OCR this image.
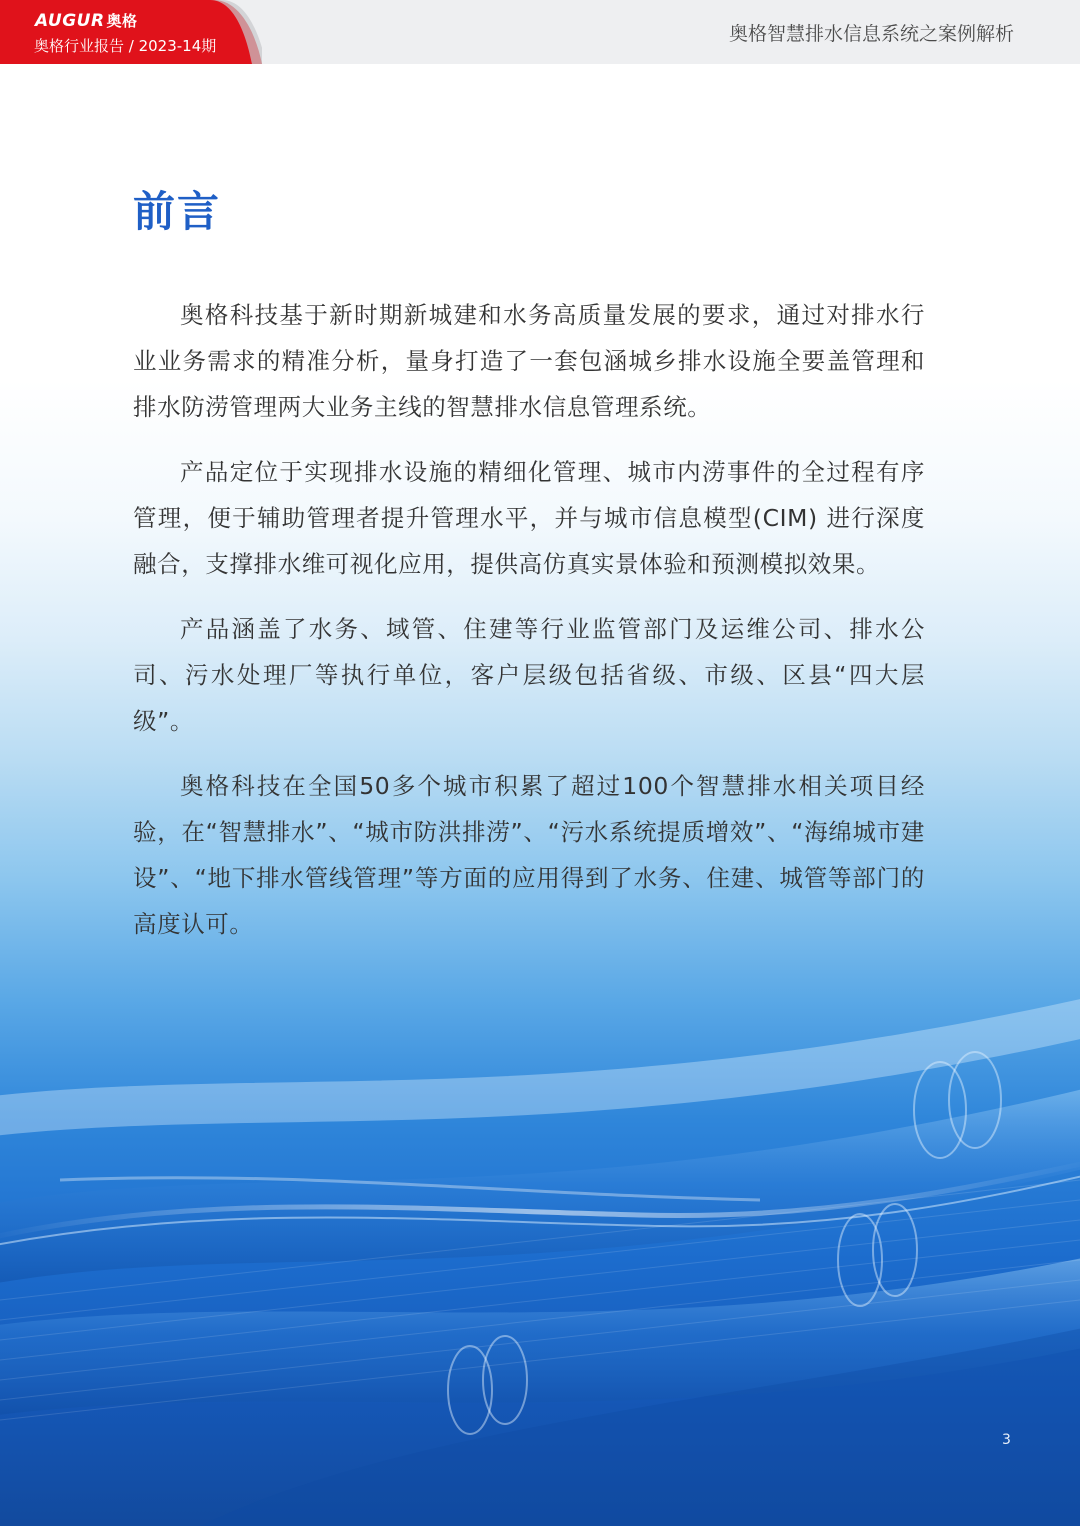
AUGUR 奥格
奥格行业报告 / 2023-14期
奥格智慧排水信息系统之案例解析
前言

奥格科技基于新时期新城建和水务高质量发展的要求，通过对排水行业业务需求的精准分析，量身打造了一套包涵城乡排水设施全要盖管理和排水防涝管理两大业务主线的智慧排水信息管理系统。

产品定位于实现排水设施的精细化管理、城市内涝事件的全过程有序管理，便于辅助管理者提升管理水平，并与城市信息模型(CIM) 进行深度融合，支撑排水维可视化应用，提供高仿真实景体验和预测模拟效果。

产品涵盖了水务、域管、住建等行业监管部门及运维公司、排水公司、污水处理厂等执行单位，客户层级包括省级、市级、区县“四大层级”。

奥格科技在全国50多个城市积累了超过100个智慧排水相关项目经验，在“智慧排水”、“城市防洪排涝”、“污水系统提质增效”、“海绵城市建设”、“地下排水管线管理”等方面的应用得到了水务、住建、城管等部门的高度认可。

3
